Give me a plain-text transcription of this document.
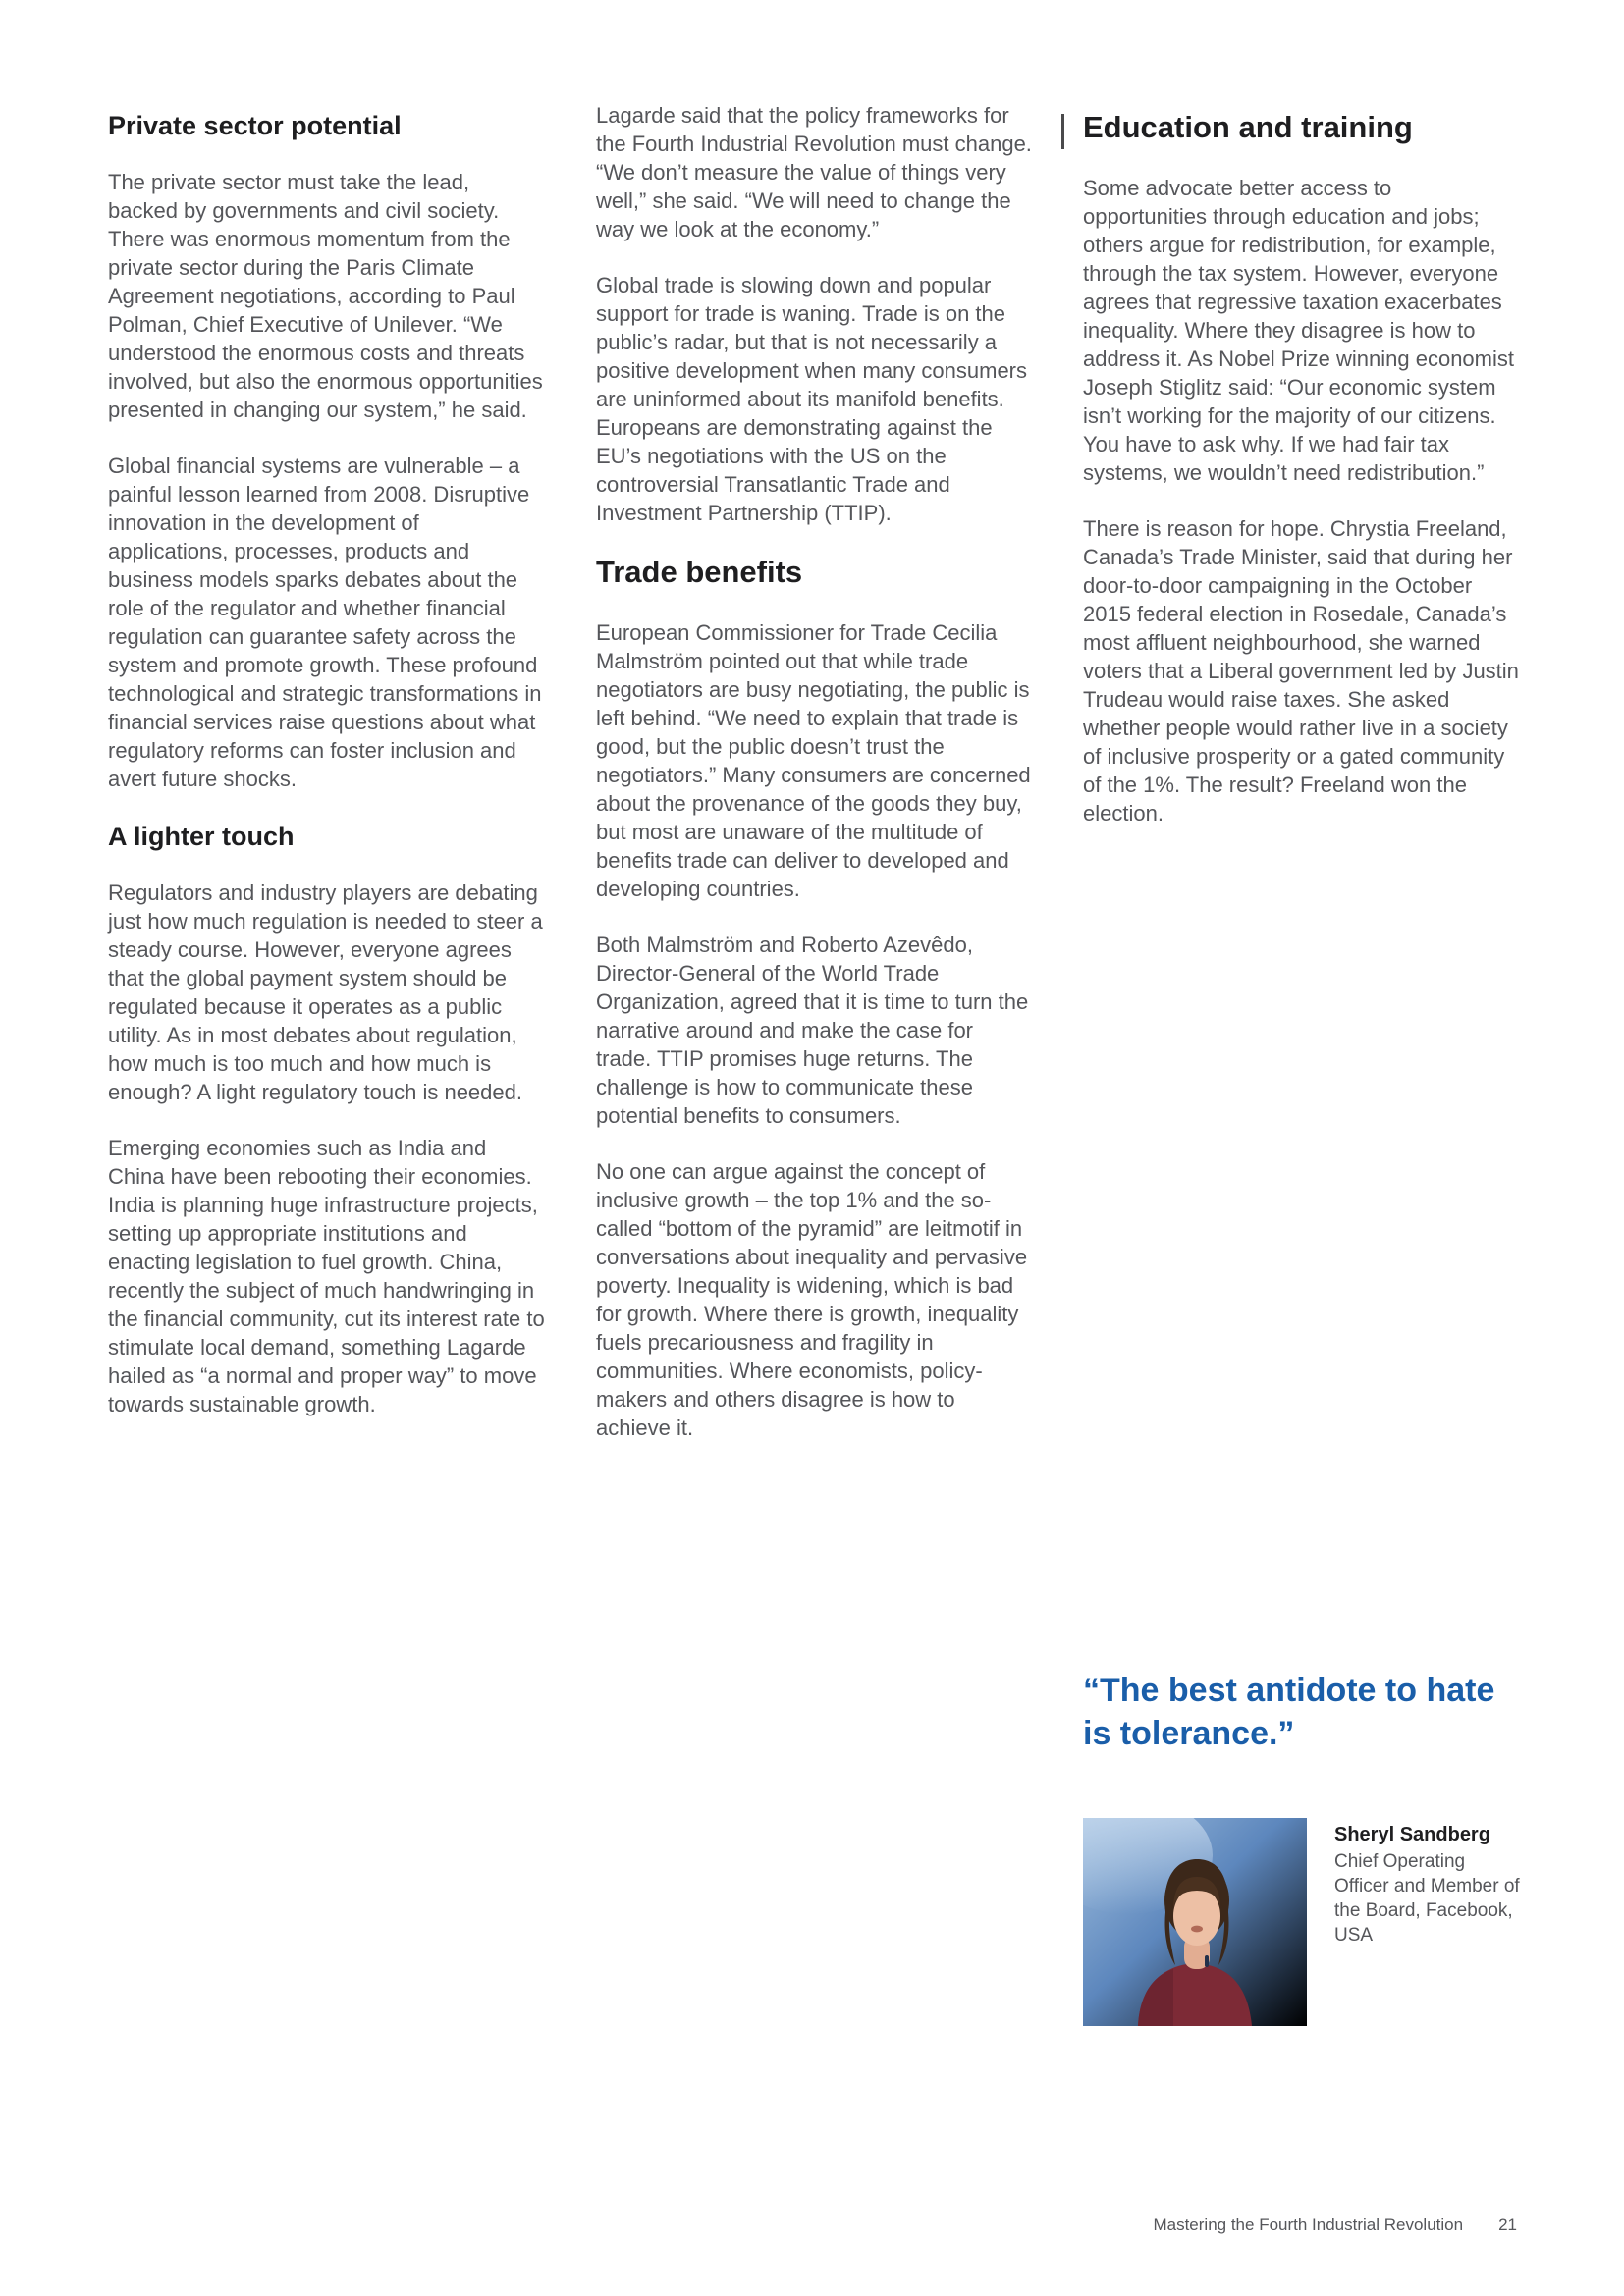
Private sector potential

The private sector must take the lead, backed by governments and civil society. There was enormous momentum from the private sector during the Paris Climate Agreement negotiations, according to Paul Polman, Chief Executive of Unilever. “We understood the enormous costs and threats involved, but also the enormous opportunities presented in changing our system,” he said.

Global financial systems are vulnerable – a painful lesson learned from 2008. Disruptive innovation in the development of applications, processes, products and business models sparks debates about the role of the regulator and whether financial regulation can guarantee safety across the system and promote growth. These profound technological and strategic transformations in financial services raise questions about what regulatory reforms can foster inclusion and avert future shocks.

A lighter touch

Regulators and industry players are debating just how much regulation is needed to steer a steady course. However, everyone agrees that the global payment system should be regulated because it operates as a public utility. As in most debates about regulation, how much is too much and how much is enough? A light regulatory touch is needed.

Emerging economies such as India and China have been rebooting their economies. India is planning huge infrastructure projects, setting up appropriate institutions and enacting legislation to fuel growth. China, recently the subject of much handwringing in the financial community, cut its interest rate to stimulate local demand, something Lagarde hailed as “a normal and proper way” to move towards sustainable growth.

Lagarde said that the policy frameworks for the Fourth Industrial Revolution must change. “We don’t measure the value of things very well,” she said. “We will need to change the way we look at the economy.”

Global trade is slowing down and popular support for trade is waning. Trade is on the public’s radar, but that is not necessarily a positive development when many consumers are uninformed about its manifold benefits. Europeans are demonstrating against the EU’s negotiations with the US on the controversial Transatlantic Trade and Investment Partnership (TTIP).

Trade benefits

European Commissioner for Trade Cecilia Malmström pointed out that while trade negotiators are busy negotiating, the public is left behind. “We need to explain that trade is good, but the public doesn’t trust the negotiators.” Many consumers are concerned about the provenance of the goods they buy, but most are unaware of the multitude of benefits trade can deliver to developed and developing countries.

Both Malmström and Roberto Azevêdo, Director-General of the World Trade Organization, agreed that it is time to turn the narrative around and make the case for trade. TTIP promises huge returns. The challenge is how to communicate these potential benefits to consumers.

No one can argue against the concept of inclusive growth – the top 1% and the so-called “bottom of the pyramid” are leitmotif in conversations about inequality and pervasive poverty. Inequality is widening, which is bad for growth. Where there is growth, inequality fuels precariousness and fragility in communities. Where economists, policy-makers and others disagree is how to achieve it.

Education and training

Some advocate better access to opportunities through education and jobs; others argue for redistribution, for example, through the tax system. However, everyone agrees that regressive taxation exacerbates inequality. Where they disagree is how to address it. As Nobel Prize winning economist Joseph Stiglitz said: “Our economic system isn’t working for the majority of our citizens. You have to ask why. If we had fair tax systems, we wouldn’t need redistribution.”

There is reason for hope. Chrystia Freeland, Canada’s Trade Minister, said that during her door-to-door campaigning in the October 2015 federal election in Rosedale, Canada’s most affluent neighbourhood, she warned voters that a Liberal government led by Justin Trudeau would raise taxes. She asked whether people would rather live in a society of inclusive prosperity or a gated community of the 1%. The result? Freeland won the election.

“The best antidote to hate is tolerance.”
Sheryl Sandberg
Chief Operating Officer and Member of the Board, Facebook, USA
Mastering the Fourth Industrial Revolution 21
